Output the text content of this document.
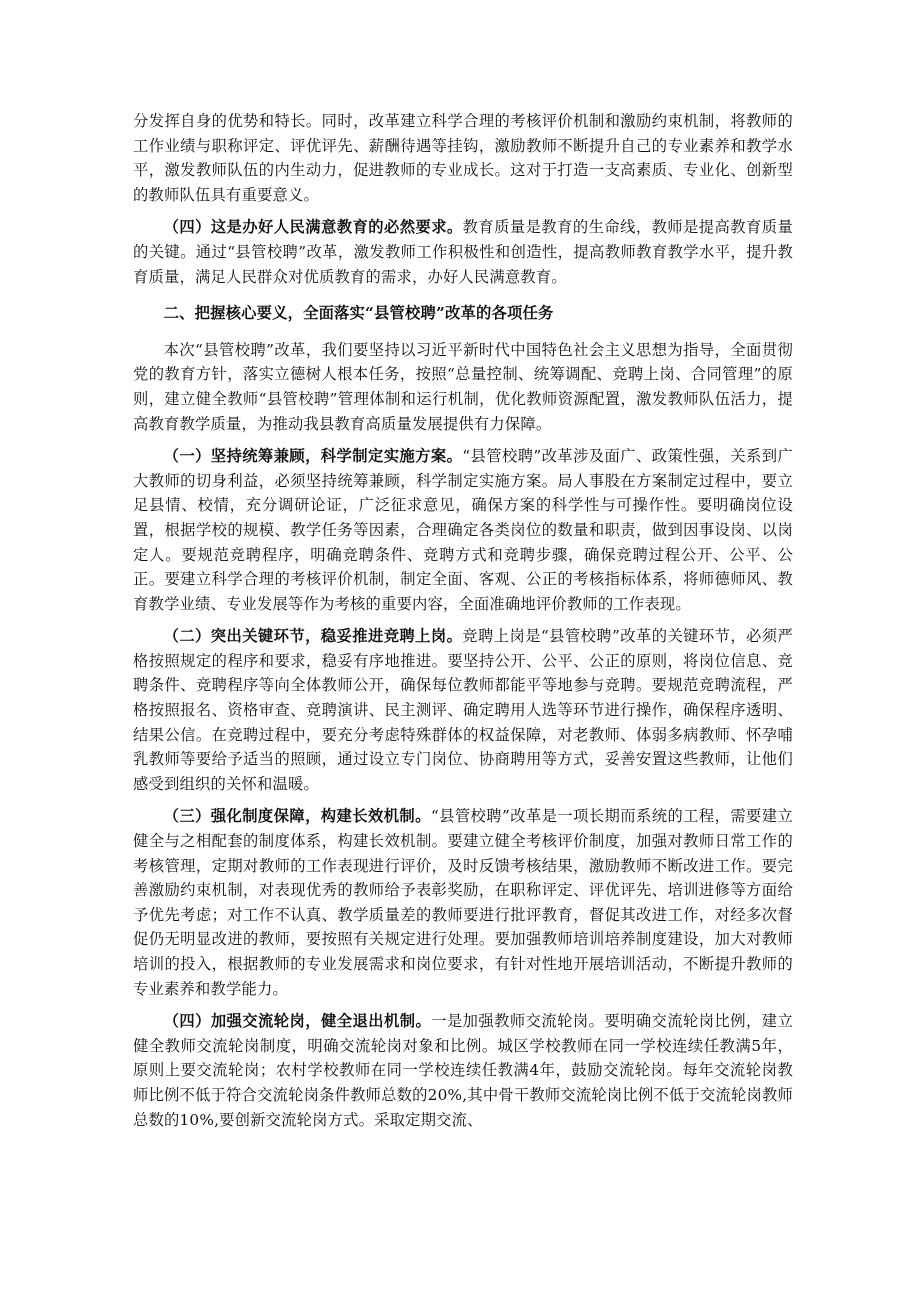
分发挥自身的优势和特长。同时，改革建立科学合理的考核评价机制和激励约束机制，将教师的工作业绩与职称评定、评优评先、薪酬待遇等挂钩，激励教师不断提升自己的专业素养和教学水平，激发教师队伍的内生动力，促进教师的专业成长。这对于打造一支高素质、专业化、创新型的教师队伍具有重要意义。

（四）这是办好人民满意教育的必然要求。教育质量是教育的生命线，教师是提高教育质量的关键。通过“县管校聘”改革，激发教师工作积极性和创造性，提高教师教育教学水平，提升教育质量，满足人民群众对优质教育的需求，办好人民满意教育。

二、把握核心要义，全面落实“县管校聘”改革的各项任务

本次“县管校聘”改革，我们要坚持以习近平新时代中国特色社会主义思想为指导，全面贯彻党的教育方针，落实立德树人根本任务，按照“总量控制、统筹调配、竞聘上岗、合同管理”的原则，建立健全教师“县管校聘”管理体制和运行机制，优化教师资源配置，激发教师队伍活力，提高教育教学质量，为推动我县教育高质量发展提供有力保障。

（一）坚持统筹兼顾，科学制定实施方案。“县管校聘”改革涉及面广、政策性强，关系到广大教师的切身利益，必须坚持统筹兼顾，科学制定实施方案。局人事股在方案制定过程中，要立足县情、校情，充分调研论证，广泛征求意见，确保方案的科学性与可操作性。要明确岗位设置，根据学校的规模、教学任务等因素，合理确定各类岗位的数量和职责，做到因事设岗、以岗定人。要规范竞聘程序，明确竞聘条件、竞聘方式和竞聘步骤，确保竞聘过程公开、公平、公正。要建立科学合理的考核评价机制，制定全面、客观、公正的考核指标体系，将师德师风、教育教学业绩、专业发展等作为考核的重要内容，全面准确地评价教师的工作表现。

（二）突出关键环节，稳妥推进竞聘上岗。竞聘上岗是“县管校聘”改革的关键环节，必须严格按照规定的程序和要求，稳妥有序地推进。要坚持公开、公平、公正的原则，将岗位信息、竞聘条件、竞聘程序等向全体教师公开，确保每位教师都能平等地参与竞聘。要规范竞聘流程，严格按照报名、资格审查、竞聘演讲、民主测评、确定聘用人选等环节进行操作，确保程序透明、结果公信。在竞聘过程中，要充分考虑特殊群体的权益保障，对老教师、体弱多病教师、怀孕哺乳教师等要给予适当的照顾，通过设立专门岗位、协商聘用等方式，妥善安置这些教师，让他们感受到组织的关怀和温暖。

（三）强化制度保障，构建长效机制。“县管校聘”改革是一项长期而系统的工程，需要建立健全与之相配套的制度体系，构建长效机制。要建立健全考核评价制度，加强对教师日常工作的考核管理，定期对教师的工作表现进行评价，及时反馈考核结果，激励教师不断改进工作。要完善激励约束机制，对表现优秀的教师给予表彰奖励，在职称评定、评优评先、培训进修等方面给予优先考虑；对工作不认真、教学质量差的教师要进行批评教育，督促其改进工作，对经多次督促仍无明显改进的教师，要按照有关规定进行处理。要加强教师培训培养制度建设，加大对教师培训的投入，根据教师的专业发展需求和岗位要求，有针对性地开展培训活动，不断提升教师的专业素养和教学能力。

（四）加强交流轮岗，健全退出机制。一是加强教师交流轮岗。要明确交流轮岗比例，建立健全教师交流轮岗制度，明确交流轮岗对象和比例。城区学校教师在同一学校连续任教满5年，原则上要交流轮岗；农村学校教师在同一学校连续任教满4年，鼓励交流轮岗。每年交流轮岗教师比例不低于符合交流轮岗条件教师总数的20%,其中骨干教师交流轮岗比例不低于交流轮岗教师总数的10%,要创新交流轮岗方式。采取定期交流、
